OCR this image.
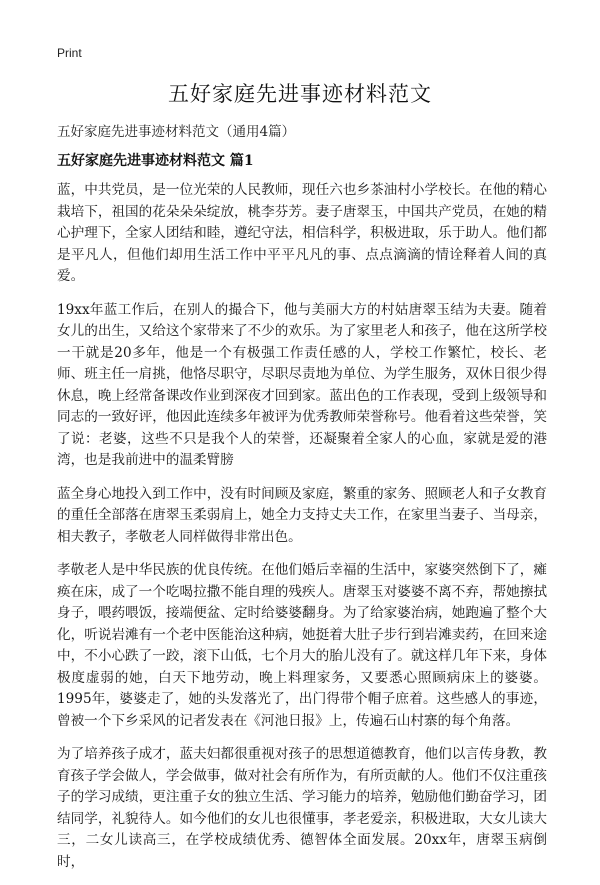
Print
五好家庭先进事迹材料范文

五好家庭先进事迹材料范文（通用4篇）

五好家庭先进事迹材料范文 篇1

蓝，中共党员，是一位光荣的人民教师，现任六也乡茶油村小学校长。在他的精心栽培下，祖国的花朵朵朵绽放，桃李芬芳。妻子唐翠玉，中国共产党员，在她的精心护理下，全家人团结和睦，遵纪守法，相信科学，积极进取，乐于助人。他们都是平凡人，但他们却用生活工作中平平凡凡的事、点点滴滴的情诠释着人间的真爱。

19xx年蓝工作后，在别人的撮合下，他与美丽大方的村姑唐翠玉结为夫妻。随着女儿的出生，又给这个家带来了不少的欢乐。为了家里老人和孩子，他在这所学校一干就是20多年，他是一个有极强工作责任感的人，学校工作繁忙，校长、老师、班主任一肩挑，他恪尽职守，尽职尽责地为单位、为学生服务，双休日很少得休息，晚上经常备课改作业到深夜才回到家。蓝出色的工作表现，受到上级领导和同志的一致好评，他因此连续多年被评为优秀教师荣誉称号。他看着这些荣誉，笑了说：老婆，这些不只是我个人的荣誉，还凝聚着全家人的心血，家就是爱的港湾，也是我前进中的温柔臂膀

蓝全身心地投入到工作中，没有时间顾及家庭，繁重的家务、照顾老人和子女教育的重任全部落在唐翠玉柔弱肩上，她全力支持丈夫工作，在家里当妻子、当母亲，相夫教子，孝敬老人同样做得非常出色。

孝敬老人是中华民族的优良传统。在他们婚后幸福的生活中，家婆突然倒下了，瘫痪在床，成了一个吃喝拉撒不能自理的残疾人。唐翠玉对婆婆不离不弃，帮她擦拭身子，喂药喂饭，接端便盆、定时给婆婆翻身。为了给家婆治病，她跑遍了整个大化，听说岩滩有一个老中医能治这种病，她挺着大肚子步行到岩滩卖药，在回来途中，不小心跌了一跤，滚下山低，七个月大的胎儿没有了。就这样几年下来，身体极度虚弱的她，白天下地劳动，晚上料理家务，又要悉心照顾病床上的婆婆。1995年，婆婆走了，她的头发落光了，出门得带个帽子庶着。这些感人的事迹，曾被一个下乡采风的记者发表在《河池日报》上，传遍石山村寨的每个角落。

为了培养孩子成才，蓝夫妇都很重视对孩子的思想道德教育，他们以言传身教，教育孩子学会做人，学会做事，做对社会有所作为，有所贡献的人。他们不仅注重孩子的学习成绩，更注重子女的独立生活、学习能力的培养，勉励他们勤奋学习，团结同学，礼貌待人。如今他们的女儿也很懂事，孝老爱亲，积极进取，大女儿读大三，二女儿读高三，在学校成绩优秀、德智体全面发展。20xx年，唐翠玉病倒时，
